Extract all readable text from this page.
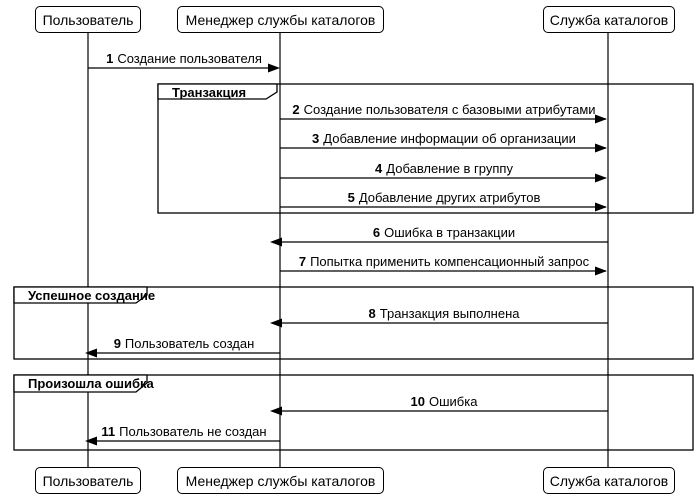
Пользователь	Менеджер службы каталогов	Служба каталогов
Пользователь	Менеджер службы каталогов	Служба каталогов
Транзакция
Успешное создание
Произошла ошибка
1 Создание пользователя
2 Создание пользователя с базовыми атрибутами
3 Добавление информации об организации
4 Добавление в группу
5 Добавление других атрибутов
6 Ошибка в транзакции
7 Попытка применить компенсационный запрос
8 Транзакция выполнена
9 Пользователь создан
10 Ошибка
11 Пользователь не создан
